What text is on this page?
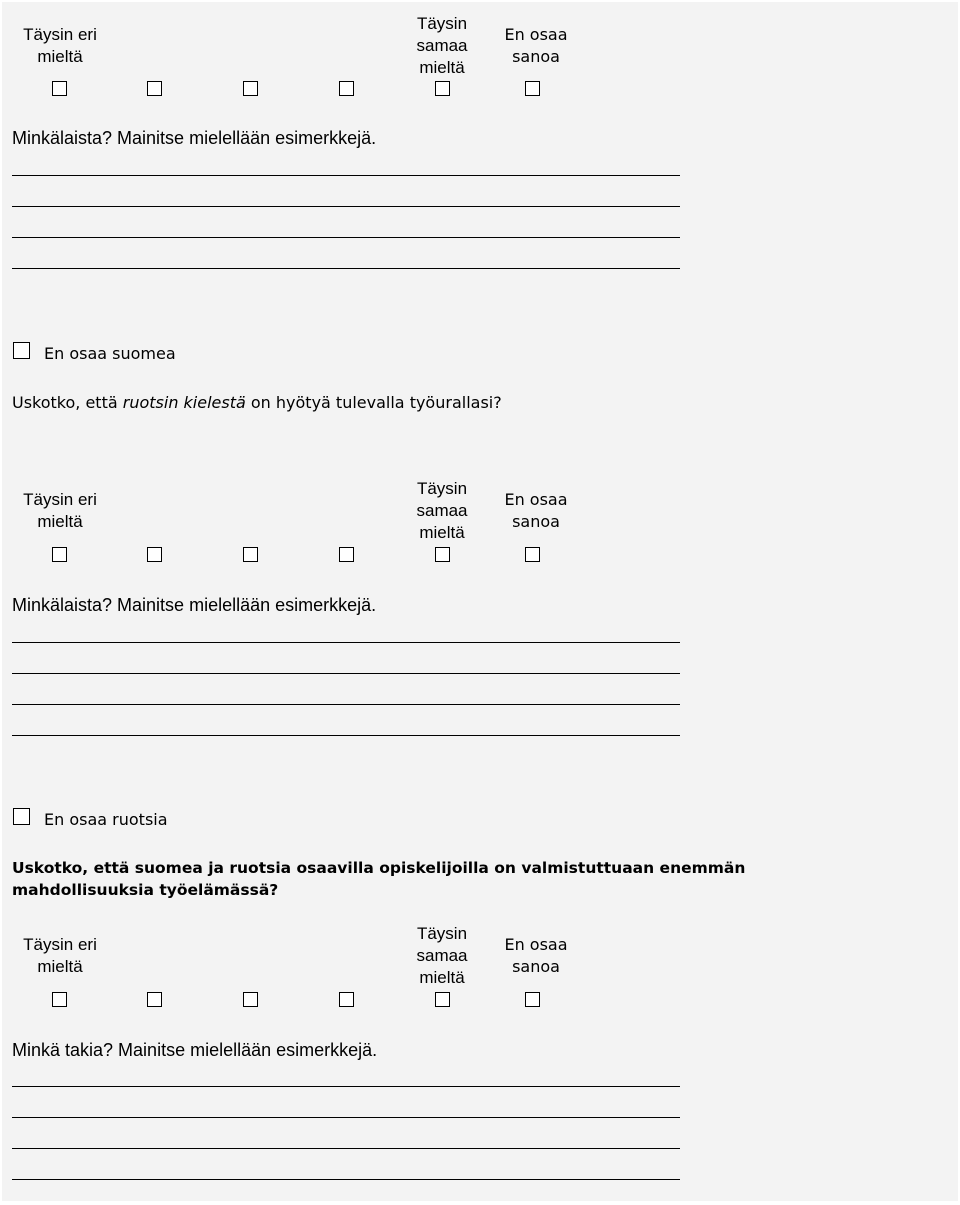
Täysin eri
mieltä
Täysin
samaa
mieltä
En osaa
sanoa
Minkälaista? Mainitse mielellään esimerkkejä.
En osaa suomea
Uskotko, että ruotsin kielestä on hyötyä tulevalla työurallasi?
Täysin eri
mieltä
Täysin
samaa
mieltä
En osaa
sanoa
Minkälaista? Mainitse mielellään esimerkkejä.
En osaa ruotsia
Uskotko, että suomea ja ruotsia osaavilla opiskelijoilla on valmistuttuaan enemmän
mahdollisuuksia työelämässä?
Täysin eri
mieltä
Täysin
samaa
mieltä
En osaa
sanoa
Minkä takia? Mainitse mielellään esimerkkejä.
